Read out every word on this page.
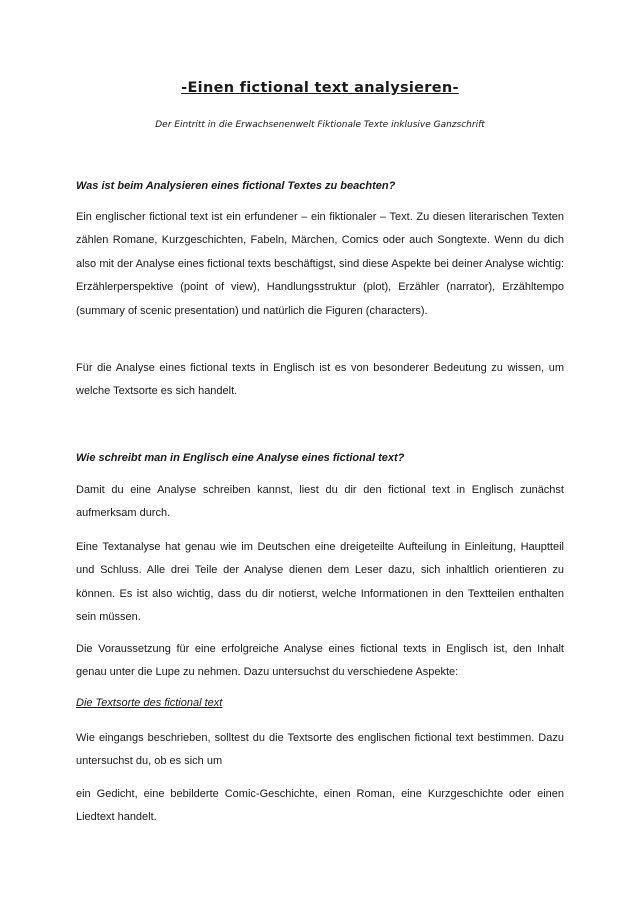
-Einen fictional text analysieren-
Der Eintritt in die Erwachsenenwelt Fiktionale Texte inklusive Ganzschrift
Was ist beim Analysieren eines fictional Textes zu beachten?
Ein englischer fictional text ist ein erfundener – ein fiktionaler – Text. Zu diesen literarischen Texten zählen Romane, Kurzgeschichten, Fabeln, Märchen, Comics oder auch Songtexte. Wenn du dich also mit der Analyse eines fictional texts beschäftigst, sind diese Aspekte bei deiner Analyse wichtig: Erzählerperspektive (point of view), Handlungsstruktur (plot), Erzähler (narrator), Erzähltempo (summary of scenic presentation) und natürlich die Figuren (characters).
Für die Analyse eines fictional texts in Englisch ist es von besonderer Bedeutung zu wissen, um welche Textsorte es sich handelt.
Wie schreibt man in Englisch eine Analyse eines fictional text?
Damit du eine Analyse schreiben kannst, liest du dir den fictional text in Englisch zunächst aufmerksam durch.
Eine Textanalyse hat genau wie im Deutschen eine dreigeteilte Aufteilung in Einleitung, Hauptteil und Schluss. Alle drei Teile der Analyse dienen dem Leser dazu, sich inhaltlich orientieren zu können. Es ist also wichtig, dass du dir notierst, welche Informationen in den Textteilen enthalten sein müssen.
Die Voraussetzung für eine erfolgreiche Analyse eines fictional texts in Englisch ist, den Inhalt genau unter die Lupe zu nehmen. Dazu untersuchst du verschiedene Aspekte:
Die Textsorte des fictional text
Wie eingangs beschrieben, solltest du die Textsorte des englischen fictional text bestimmen. Dazu untersuchst du, ob es sich um
ein Gedicht, eine bebilderte Comic-Geschichte, einen Roman, eine Kurzgeschichte oder einen Liedtext handelt.
